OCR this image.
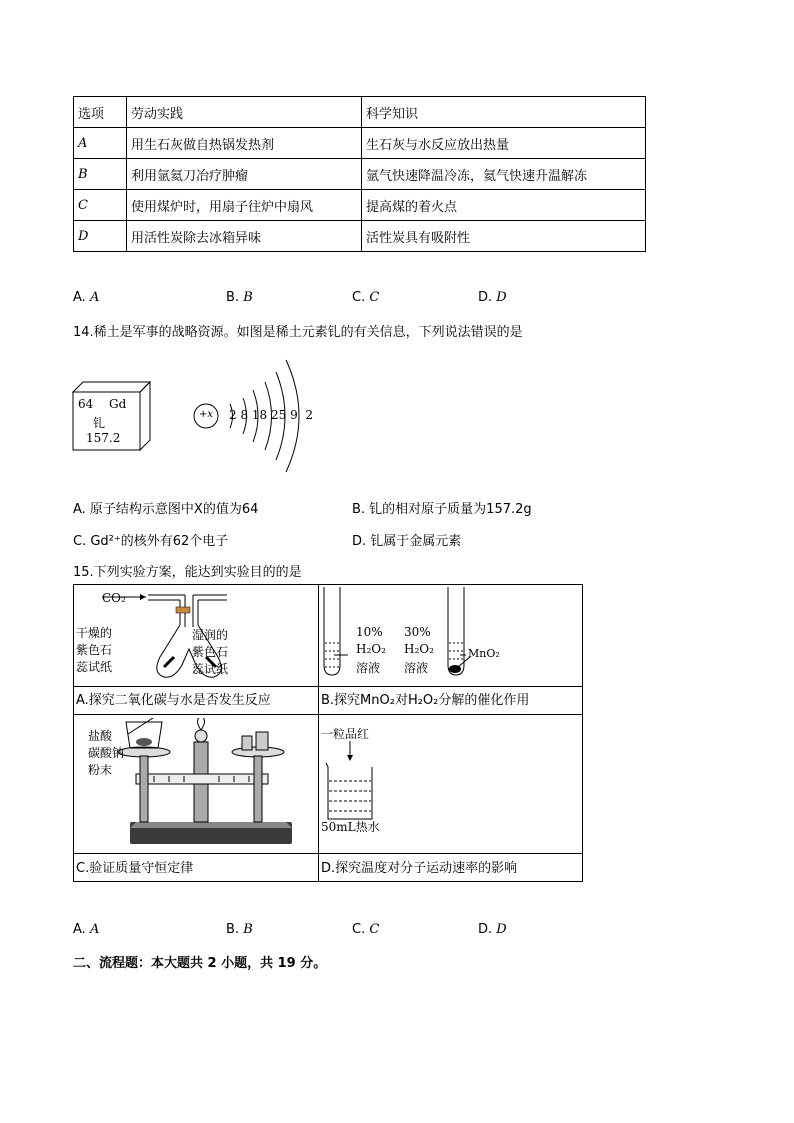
选项	劳动实践	科学知识
A	用生石灰做自热锅发热剂	生石灰与水反应放出热量
B	利用氩氦刀冶疗肿瘤	氩气快速降温冷冻，氦气快速升温解冻
C	使用煤炉时，用扇子往炉中扇风	提高煤的着火点
D	用活性炭除去冰箱异味	活性炭具有吸附性
A. A	B. B	C. C	D. D
14.稀土是军事的战略资源。如图是稀土元素钆的有关信息，下列说法错误的是
64 Gd
钆
157.2
+x 2 8 18 25 9  2
A. 原子结构示意图中X的值为64	B. 钆的相对原子质量为157.2g
C. Gd²⁺的核外有62个电子	D. 钆属于金属元素
15.下列实验方案，能达到实验目的的是
CO₂
干燥的
紫色石
蕊试纸
湿润的
紫色石
蕊试纸
A.探究二氧化碳与水是否发生反应
10%
H₂O₂
溶液
30%
H₂O₂
溶液
MnO₂
B.探究MnO₂对H₂O₂分解的催化作用
盐酸
碳酸钠
粉末
C.验证质量守恒定律
一粒品红
50mL热水
D.探究温度对分子运动速率的影响
A. A	B. B	C. C	D. D
二、流程题：本大题共 2 小题，共 19 分。
